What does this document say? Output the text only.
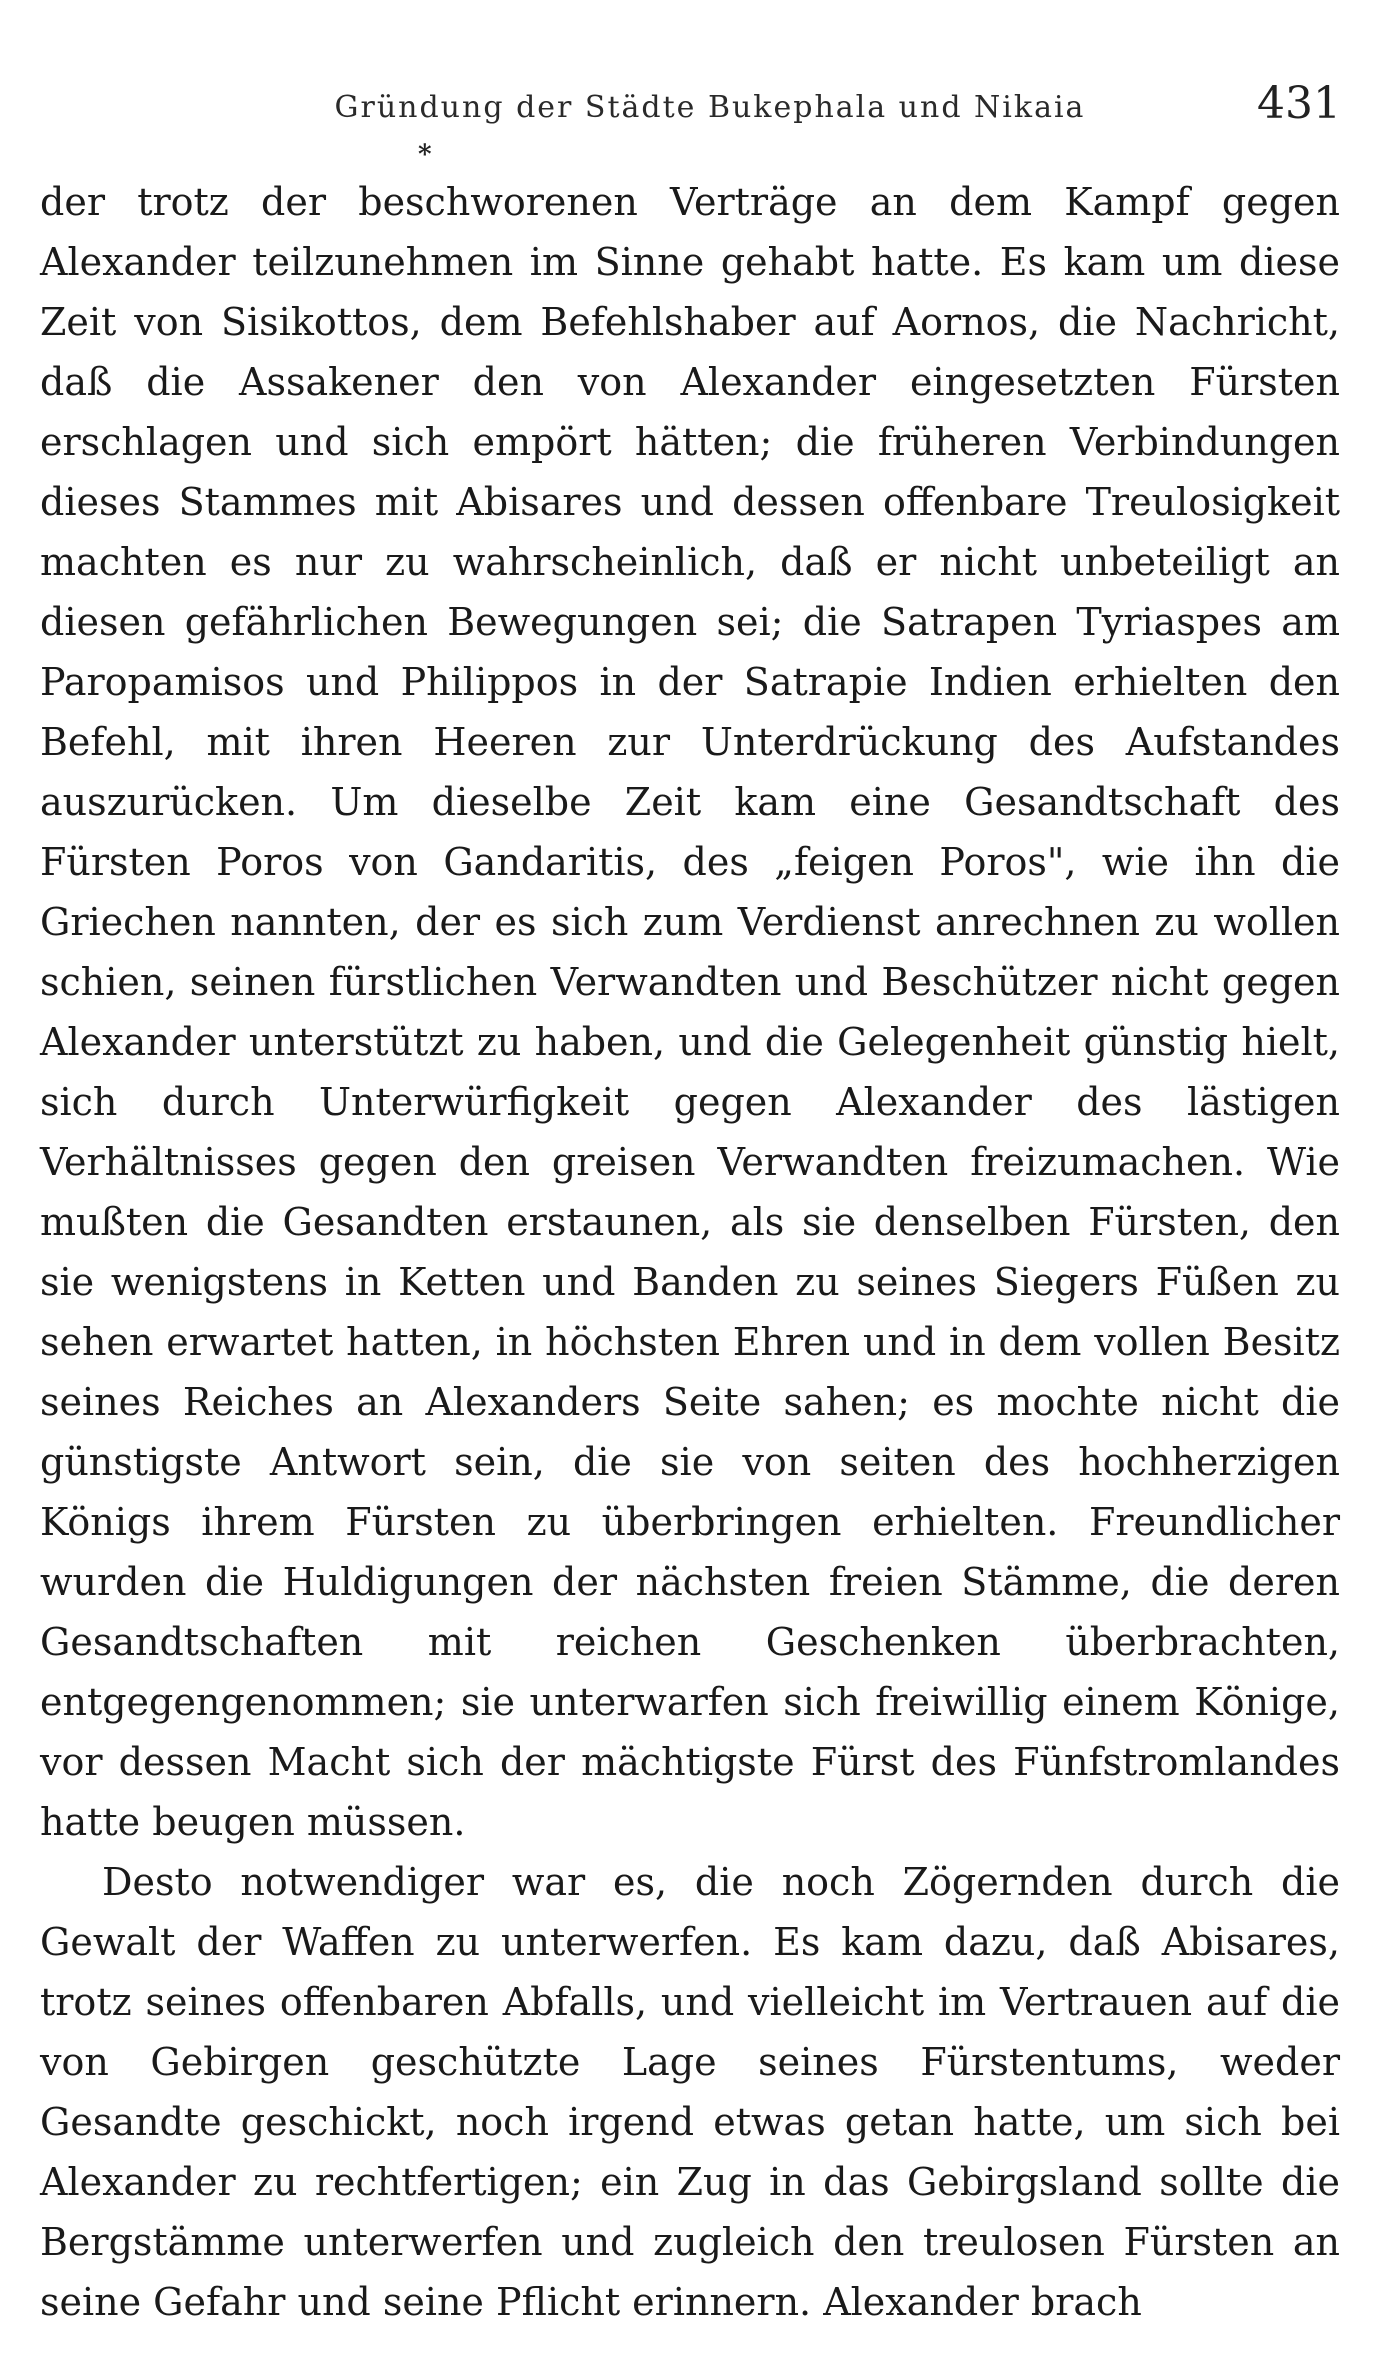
Gründung der Städte Bukephala und Nikaia	431
*

der trotz der beschworenen Verträge an dem Kampf gegen Alexander teilzunehmen im Sinne gehabt hatte. Es kam um diese Zeit von Sisikottos, dem Befehlshaber auf Aornos, die Nachricht, daß die Assakener den von Alexander eingesetzten Fürsten erschlagen und sich empört hätten; die früheren Verbindungen dieses Stammes mit Abisares und dessen offenbare Treulosigkeit machten es nur zu wahrscheinlich, daß er nicht unbeteiligt an diesen gefährlichen Bewegungen sei; die Satrapen Tyriaspes am Paropamisos und Philippos in der Satrapie Indien erhielten den Befehl, mit ihren Heeren zur Unterdrückung des Aufstandes auszurücken. Um dieselbe Zeit kam eine Gesandtschaft des Fürsten Poros von Gandaritis, des „feigen Poros", wie ihn die Griechen nannten, der es sich zum Verdienst anrechnen zu wollen schien, seinen fürstlichen Verwandten und Beschützer nicht gegen Alexander unterstützt zu haben, und die Gelegenheit günstig hielt, sich durch Unterwürfigkeit gegen Alexander des lästigen Verhältnisses gegen den greisen Verwandten freizumachen. Wie mußten die Gesandten erstaunen, als sie denselben Fürsten, den sie wenigstens in Ketten und Banden zu seines Siegers Füßen zu sehen erwartet hatten, in höchsten Ehren und in dem vollen Besitz seines Reiches an Alexanders Seite sahen; es mochte nicht die günstigste Antwort sein, die sie von seiten des hochherzigen Königs ihrem Fürsten zu überbringen erhielten. Freundlicher wurden die Huldigungen der nächsten freien Stämme, die deren Gesandtschaften mit reichen Geschenken überbrachten, entgegengenommen; sie unterwarfen sich freiwillig einem Könige, vor dessen Macht sich der mächtigste Fürst des Fünfstromlandes hatte beugen müssen.

Desto notwendiger war es, die noch Zögernden durch die Gewalt der Waffen zu unterwerfen. Es kam dazu, daß Abisares, trotz seines offenbaren Abfalls, und vielleicht im Vertrauen auf die von Gebirgen geschützte Lage seines Fürstentums, weder Gesandte geschickt, noch irgend etwas getan hatte, um sich bei Alexander zu rechtfertigen; ein Zug in das Gebirgsland sollte die Bergstämme unterwerfen und zugleich den treulosen Fürsten an seine Gefahr und seine Pflicht erinnern. Alexander brach
